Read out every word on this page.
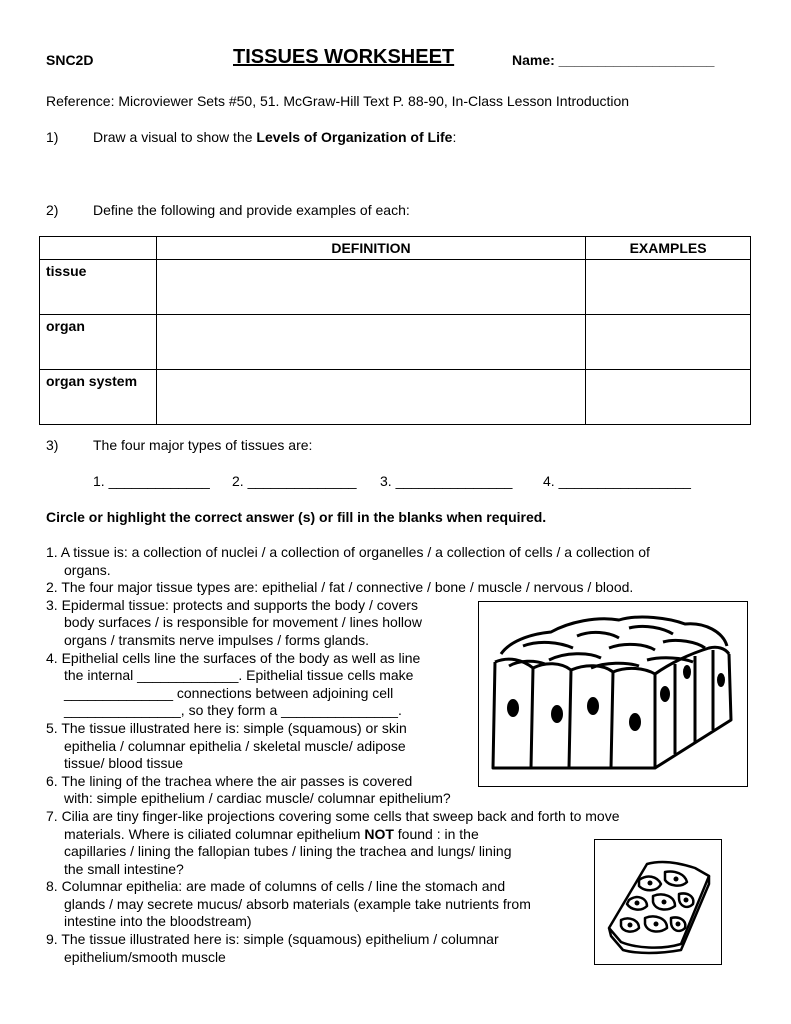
SNC2D	TISSUES WORKSHEET	Name: ____________________
Reference: Microviewer Sets #50, 51. McGraw-Hill Text P. 88-90, In-Class Lesson Introduction
1) Draw a visual to show the Levels of Organization of Life:
2) Define the following and provide examples of each:
	DEFINITION	EXAMPLES
tissue		
organ		
organ system		
3) The four major types of tissues are:
1. _____________ 2. ______________ 3. _______________ 4. _________________
Circle or highlight the correct answer (s) or fill in the blanks when required.
1. A tissue is: a collection of nuclei / a collection of organelles / a collection of cells / a collection of
organs.
2. The four major tissue types are: epithelial / fat / connective / bone / muscle / nervous / blood.
3. Epidermal tissue: protects and supports the body / covers
body surfaces / is responsible for movement / lines hollow
organs / transmits nerve impulses / forms glands.
4. Epithelial cells line the surfaces of the body as well as line
the internal _____________. Epithelial tissue cells make
______________ connections between adjoining cell
_______________, so they form a _______________.
5. The tissue illustrated here is: simple (squamous) or skin
epithelia / columnar epithelia / skeletal muscle/ adipose
tissue/ blood tissue
6. The lining of the trachea where the air passes is covered
with: simple epithelium / cardiac muscle/ columnar epithelium?
7. Cilia are tiny finger-like projections covering some cells that sweep back and forth to move
materials. Where is ciliated columnar epithelium NOT found : in the
capillaries / lining the fallopian tubes / lining the trachea and lungs/ lining
the small intestine?
8. Columnar epithelia: are made of columns of cells / line the stomach and
glands / may secrete mucus/ absorb materials (example take nutrients from
intestine into the bloodstream)
9. The tissue illustrated here is: simple (squamous) epithelium / columnar
epithelium/smooth muscle
